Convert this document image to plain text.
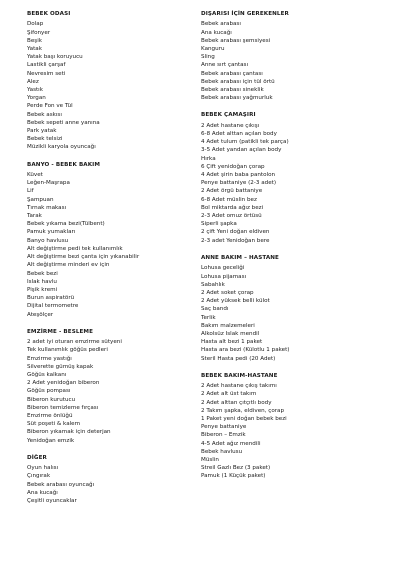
BEBEK ODASI
Dolap
Şifonyer
Beşik
Yatak
Yatak başı koruyucu
Lastikli çarşaf
Nevresim seti
Alez
Yastık
Yorgan
Perde Fon ve Tül
Bebek askısı
Bebek sepeti anne yanına
Park yatak
Bebek telsizi
Müzikli karyola oyuncağı
BANYO - BEBEK BAKIM
Küvet
Leğen-Maşrapa
Lif
Şampuan
Tırnak makası
Tarak
Bebek yıkama bezi(Tülbent)
Pamuk yumakları
Banyo havlusu
Alt değiştirme pedi tek kullanımlık
Alt değiştirme bezi çanta için yıkanabilir
Alt değiştirme minderi ev için
Bebek bezi
Islak havlu
Pişik kremi
Burun aspiratörü
Dijital termometre
Ateşölçer
EMZİRME - BESLEME
2 adet iyi oturan emzirme sütyeni
Tek kullanımlık göğüs pedleri
Emzirme yastığı
Silverette gümüş kapak
Göğüs kalkanı
2 Adet yenidoğan biberon
Göğüs pompası
Biberon kurutucu
Biberon temizleme fırçası
Emzirme önlüğü
Süt poşeti & kalem
Biberon yıkamak için deterjan
Yenidoğan emzik
DİĞER
Oyun halısı
Çıngırak
Bebek arabası oyuncağı
Ana kucağı
Çeşitli oyuncaklar
DIŞARISI İÇİN GEREKENLER
Bebek arabası
Ana kucağı
Bebek arabası şemsiyesi
Kanguru
Sling
Anne sırt çantası
Bebek arabası çantası
Bebek arabası için tül örtü
Bebek arabası sineklik
Bebek arabası yağmurluk
BEBEK ÇAMAŞIRI
2 Adet hastane çıkışı
6-8 Adet alttan açılan body
4 Adet tulum (patikli tek parça)
3-5 Adet yandan açılan body
Hırka
6 Çift yenidoğan çorap
4 Adet şirin baba pantolon
Penye battaniye (2-3 adet)
2 Adet örgü battaniye
6-8 Adet müslin bez
Bol miktarda ağız bezi
2-3 Adet omuz örtüsü
Siperli şapka
2 çift Yeni doğan eldiven
2-3 adet Yenidoğan bere
ANNE BAKIM – HASTANE
Lohusa geceliği
Lohusa pijaması
Sabahlık
2 Adet soket çorap
2 Adet yüksek belli külot
Saç bandı
Terlik
Bakım malzemeleri
Alkolsüz Islak mendil
Hasta alt bezi 1 paket
Hasta ara bezi (Külotlu 1 paket)
Steril Hasta pedi (20 Adet)
BEBEK BAKIM-HASTANE
2 Adet hastane çıkış takımı
2 Adet alt üst takım
2 Adet alttan çıtçıtlı body
2 Takım şapka, eldiven, çorap
1 Paket yeni doğan bebek bezi
Penye battaniye
Biberon – Emzik
4-5 Adet ağız mendili
Bebek havlusu
Müslin
Streil Gazlı Bez (3 paket)
Pamuk (1 Küçük paket)
